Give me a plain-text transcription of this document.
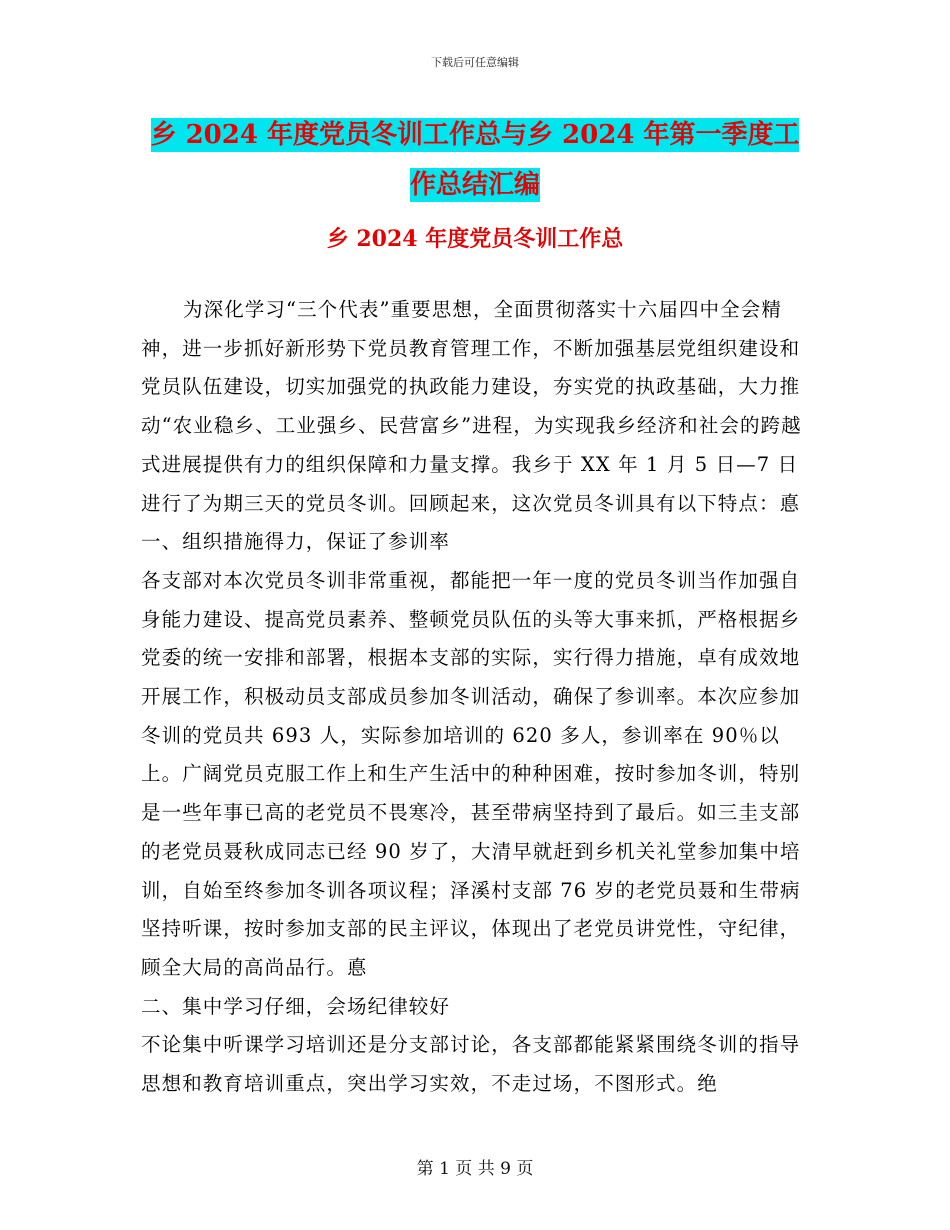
下载后可任意编辑
乡 2024 年度党员冬训工作总与乡 2024 年第一季度工
作总结汇编
乡 2024 年度党员冬训工作总

为深化学习“三个代表”重要思想，全面贯彻落实十六届四中全会精神，进一步抓好新形势下党员教育管理工作，不断加强基层党组织建设和党员队伍建设，切实加强党的执政能力建设，夯实党的执政基础，大力推动“农业稳乡、工业强乡、民营富乡”进程，为实现我乡经济和社会的跨越式进展提供有力的组织保障和力量支撑。我乡于 XX 年 1 月 5 日—7 日进行了为期三天的党员冬训。回顾起来，这次党员冬训具有以下特点：悳

一、组织措施得力，保证了参训率

各支部对本次党员冬训非常重视，都能把一年一度的党员冬训当作加强自身能力建设、提高党员素养、整顿党员队伍的头等大事来抓，严格根据乡党委的统一安排和部署，根据本支部的实际，实行得力措施，卓有成效地开展工作，积极动员支部成员参加冬训活动，确保了参训率。本次应参加冬训的党员共 693 人，实际参加培训的 620 多人，参训率在 90％以上。广阔党员克服工作上和生产生活中的种种困难，按时参加冬训，特别是一些年事已高的老党员不畏寒冷，甚至带病坚持到了最后。如三圭支部的老党员聂秋成同志已经 90 岁了，大清早就赶到乡机关礼堂参加集中培训，自始至终参加冬训各项议程；泽溪村支部 76 岁的老党员聂和生带病坚持听课，按时参加支部的民主评议，体现出了老党员讲党性，守纪律，顾全大局的高尚品行。悳

二、集中学习仔细，会场纪律较好

不论集中听课学习培训还是分支部讨论，各支部都能紧紧围绕冬训的指导思想和教育培训重点，突出学习实效，不走过场，不图形式。绝

第 1 页 共 9 页
